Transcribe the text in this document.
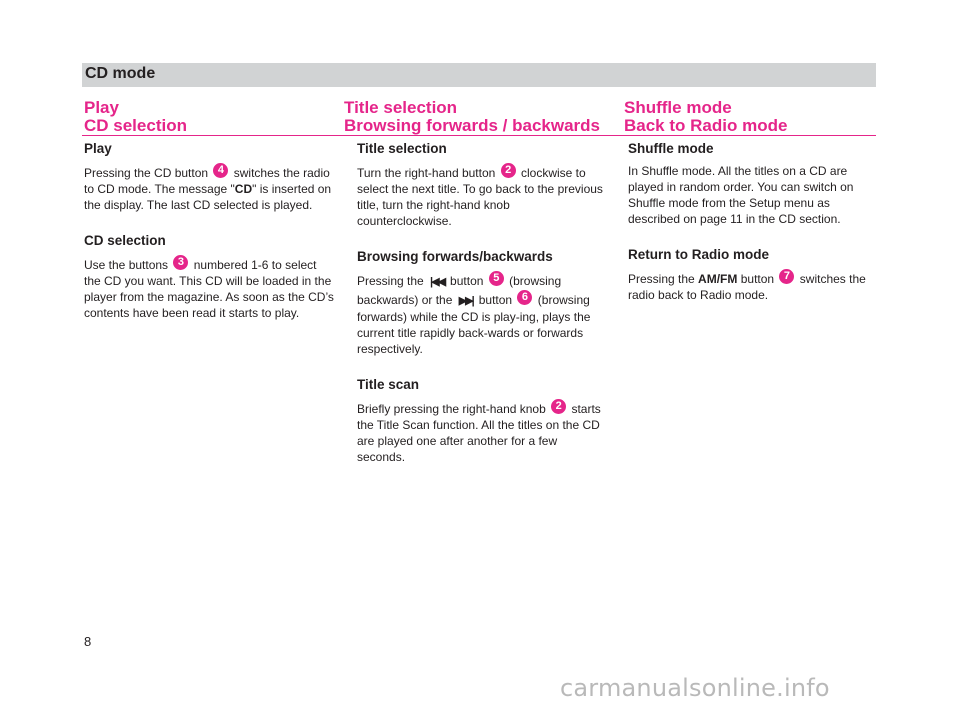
CD mode
Play
CD selection
Title selection
Browsing forwards / backwards
Shuffle mode
Back to Radio mode
Play

Pressing the CD button 4 switches the radio to CD mode. The message "CD" is inserted on the display. The last CD selected is played.

CD selection

Use the buttons 3 numbered 1-6 to select the CD you want. This CD will be loaded in the player from the magazine. As soon as the CD’s contents have been read it starts to play.

Title selection

Turn the right-hand button 2 clockwise to select the next title. To go back to the previous title, turn the right-hand knob counterclockwise.

Browsing forwards/backwards

Pressing the |◀◀ button 5 (browsing backwards) or the ▶▶| button 6 (browsing forwards) while the CD is play-ing, plays the current title rapidly back-wards or forwards respectively.

Title scan

Briefly pressing the right-hand knob 2 starts the Title Scan function. All the titles on the CD are played one after another for a few seconds.

Shuffle mode

In Shuffle mode. All the titles on a CD are played in random order. You can switch on Shuffle mode from the Setup menu as described on page 11 in the CD section.

Return to Radio mode

Pressing the AM/FM button 7 switches the radio back to Radio mode.

8
carmanualsonline.info
